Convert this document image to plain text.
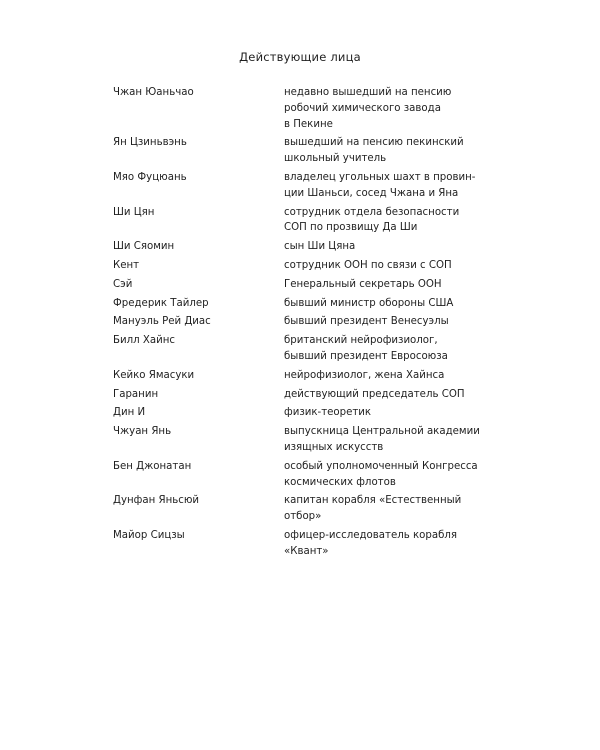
Действующие лица
Чжан Юаньчао	недавно вышедший на пенсию
робочий химического завода
в Пекине
Ян Цзиньвэнь	вышедший на пенсию пекинский
школьный учитель
Мяо Фуцюань	владелец угольных шахт в провин-
ции Шаньси, сосед Чжана и Яна
Ши Цян	сотрудник отдела безопасности
СОП по прозвищу Да Ши
Ши Сяомин	сын Ши Цяна
Кент	сотрудник ООН по связи с СОП
Сэй	Генеральный секретарь ООН
Фредерик Тайлер	бывший министр обороны США
Мануэль Рей Диас	бывший президент Венесуэлы
Билл Хайнс	британский нейрофизиолог,
бывший президент Евросоюза
Кейко Ямасуки	нейрофизиолог, жена Хайнса
Гаранин	действующий председатель СОП
Дин И	физик-теоретик
Чжуан Янь	выпускница Центральной академии
изящных искусств
Бен Джонатан	особый уполномоченный Конгресса
космических флотов
Дунфан Яньсюй	капитан корабля «Естественный
отбор»
Майор Сицзы	офицер-исследователь корабля
«Квант»
